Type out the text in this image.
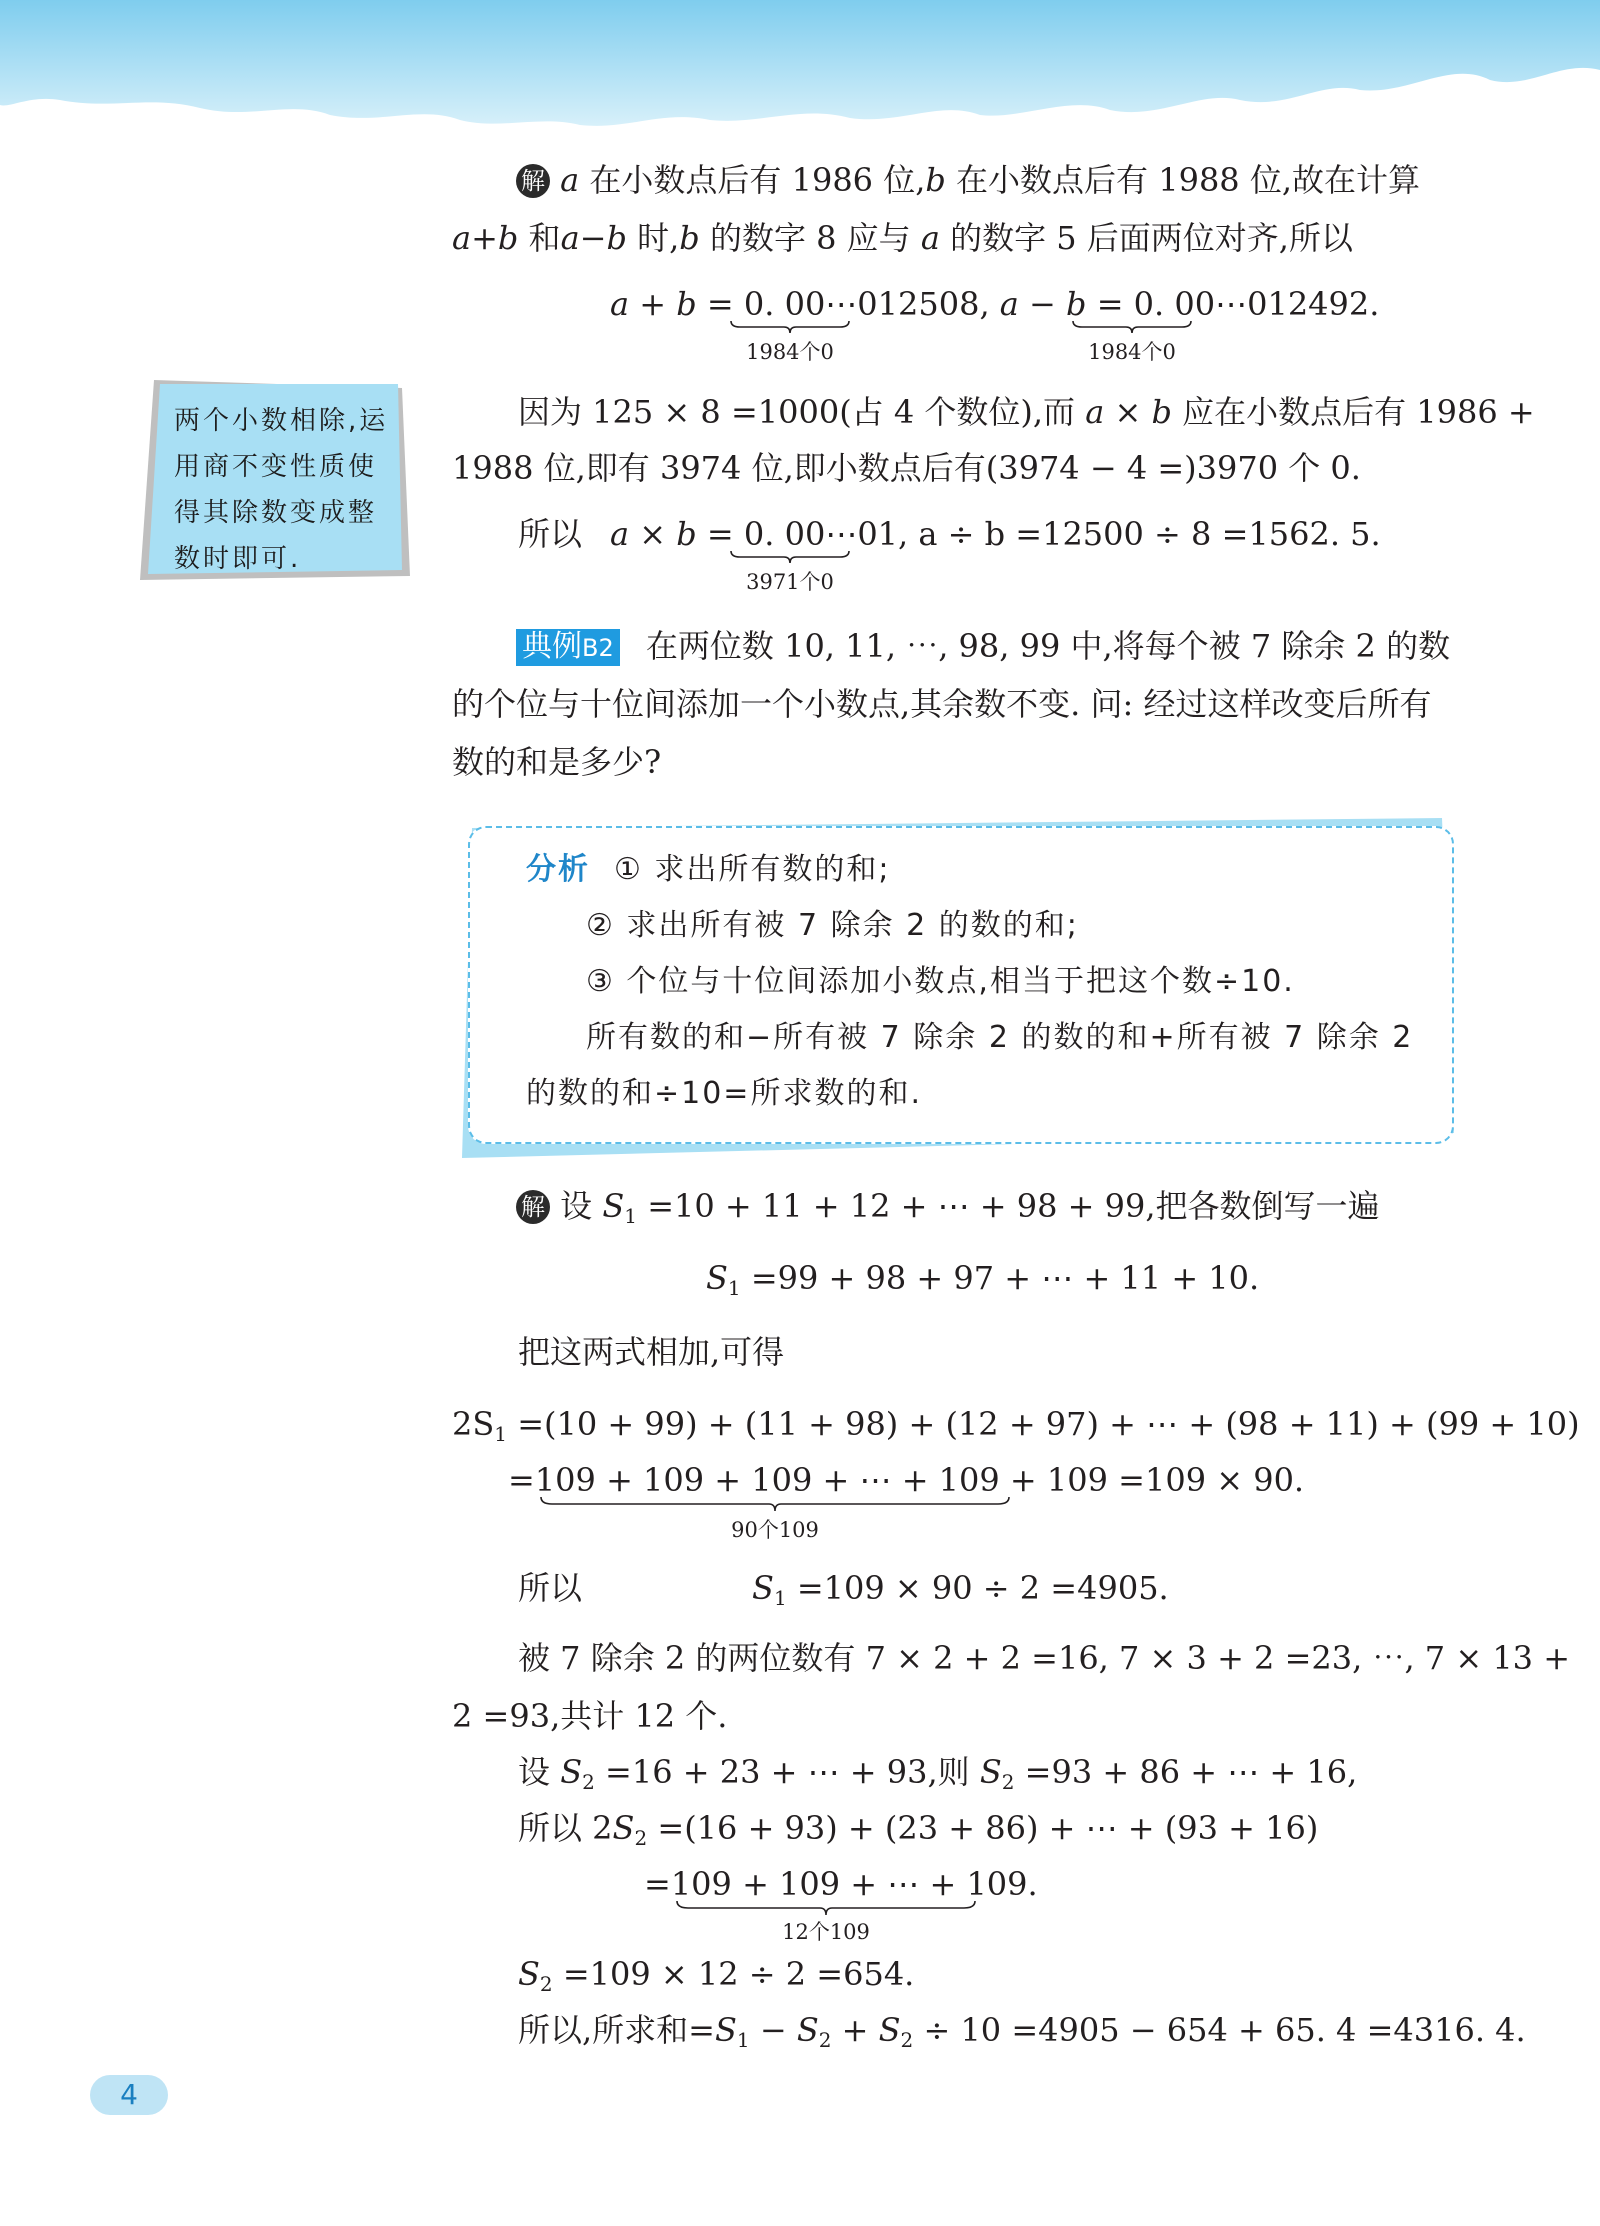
解 a 在小数点后有 1986 位,b 在小数点后有 1988 位,故在计算
a+b 和a−b 时,b 的数字 8 应与 a 的数字 5 后面两位对齐,所以
a + b = 0. 00⋯012508, a − b = 0. 00⋯012492.
1984个0	1984个0
因为 125 × 8 =1000(占 4 个数位),而 a × b 应在小数点后有 1986 +
1988 位,即有 3974 位,即小数点后有(3974 − 4 =)3970 个 0.
所以 a × b = 0. 00⋯01, a ÷ b =12500 ÷ 8 =1562. 5.
3971个0
两个小数相除,运用商不变性质使得其除数变成整数时即可.
典例B2 在两位数 10, 11, ⋯, 98, 99 中,将每个被 7 除余 2 的数
的个位与十位间添加一个小数点,其余数不变. 问: 经过这样改变后所有
数的和是多少?
分析 ① 求出所有数的和;
② 求出所有被 7 除余 2 的数的和;
③ 个位与十位间添加小数点,相当于把这个数÷10.
所有数的和−所有被 7 除余 2 的数的和+所有被 7 除余 2
的数的和÷10=所求数的和.
解 设 $S_1 =10 + 11 + 12$ + ⋯ + 98 + 99,把各数倒写一遍
$S_1 =99 + 98 + 97$ + ⋯ + 11 + 10.
把这两式相加,可得
$2S_1 =(10 + 99) + (11 + 98) + (12 + 97)$ + ⋯ + (98 + 11) + (99 + 10)
=109 + 109 + 109 + ⋯ + 109 + 109 =109 × 90.
90个109
所以	$S_1 =109 \times 90 \div 2 =4905$.
被 7 除余 2 的两位数有 7 × 2 + 2 =16, 7 × 3 + 2 =23, ⋯, 7 × 13 +
2 =93,共计 12 个.
设 $S_2 =16 + 23$ + ⋯ + 93,则 $S_2 =93 + 86$ + ⋯ + 16,
所以 $2S_2 =(16 + 93) + (23 + 86)$ + ⋯ + (93 + 16)
=109 + 109 + ⋯ + 109.
12个109
$S_2 =109 \times 12 \div 2 =654$.
所以,所求和$=S_1 - S_2 + S_2 \div 10 =4905 - 654 + 65$. 4 =4316. 4.
4
